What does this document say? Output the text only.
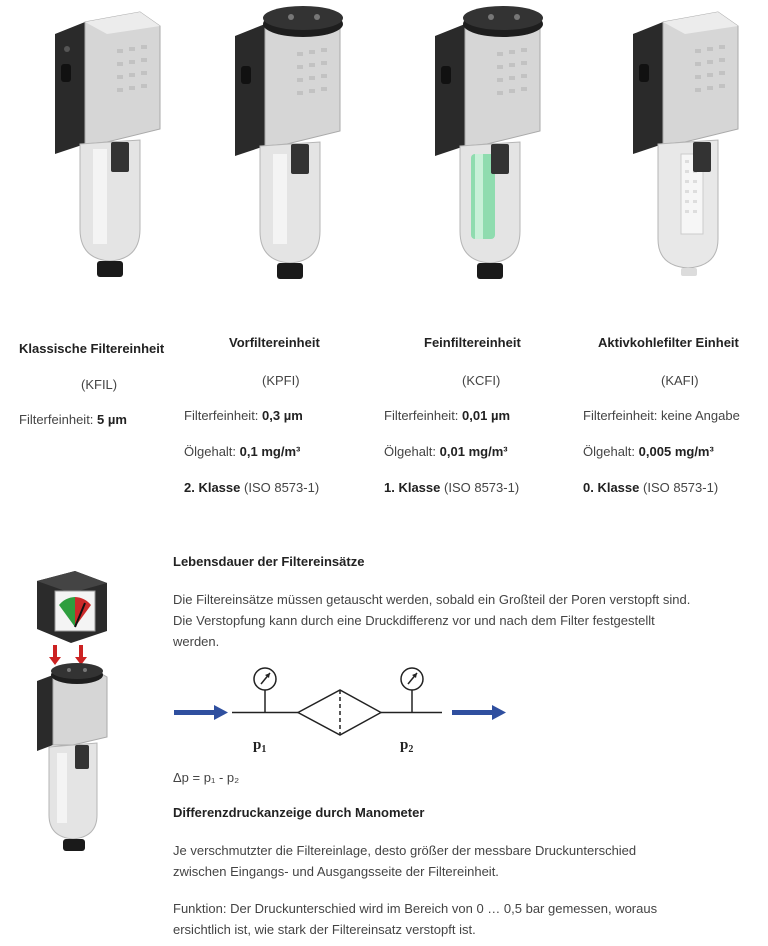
Klassische Filtereinheit
(KFIL)
Filterfeinheit: 5 µm
Vorfiltereinheit
(KPFI)
Filterfeinheit: 0,3 µm
Ölgehalt: 0,1 mg/m³
2. Klasse (ISO 8573-1)
Feinfiltereinheit
(KCFI)
Filterfeinheit: 0,01 µm
Ölgehalt: 0,01 mg/m³
1. Klasse (ISO 8573-1)
Aktivkohlefilter Einheit
(KAFI)
Filterfeinheit: keine Angabe
Ölgehalt: 0,005 mg/m³
0. Klasse (ISO 8573-1)
Lebensdauer der Filtereinsätze
Die Filtereinsätze müssen getauscht werden, sobald ein Großteil der Poren verstopft sind.
Die Verstopfung kann durch eine Druckdifferenz vor und nach dem Filter festgestellt
werden.
$p_1$	$p_2$
Δp = p₁ - p₂
Differenzdruckanzeige durch Manometer
Je verschmutzter die Filtereinlage, desto größer der messbare Druckunterschied
zwischen Eingangs- und Ausgangsseite der Filtereinheit.
Funktion: Der Druckunterschied wird im Bereich von 0 … 0,5 bar gemessen, woraus
ersichtlich ist, wie stark der Filtereinsatz verstopft ist.
